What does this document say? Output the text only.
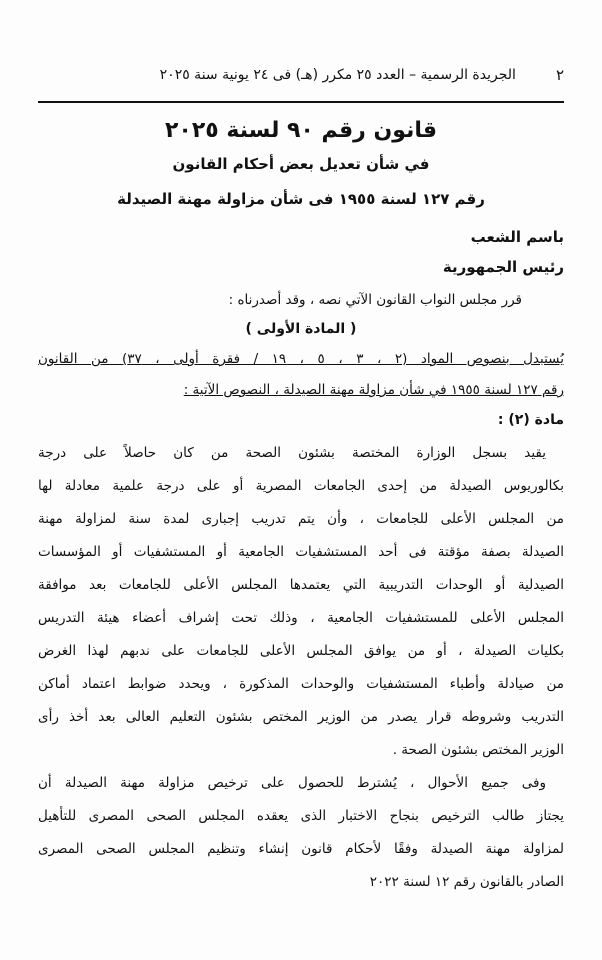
٢
الجريدة الرسمية – العدد ٢٥ مكرر (هـ) فى ٢٤ يونية سنة ٢٠٢٥
قانون رقم ٩٠ لسنة ٢٠٢٥
في شأن تعديل بعض أحكام القانون
رقم ١٢٧ لسنة ١٩٥٥ فى شأن مزاولة مهنة الصيدلة
باسم الشعب
رئيس الجمهورية
قرر مجلس النواب القانون الآتي نصه ، وقد أصدرناه :
( المادة الأولى )
يُستبدل بنصوص المواد (٢ ، ٣ ، ٥ ، ١٩ / فقرة أولى ، ٣٧) من القانون
رقم ١٢٧ لسنة ١٩٥٥ في شأن مزاولة مهنة الصيدلة ، النصوص الآتية :
مادة (٢) :
يقيد بسجل الوزارة المختصة بشئون الصحة من كان حاصلاً على درجة
بكالوريوس الصيدلة من إحدى الجامعات المصرية أو على درجة علمية معادلة لها
من المجلس الأعلى للجامعات ، وأن يتم تدريب إجبارى لمدة سنة لمزاولة مهنة
الصيدلة بصفة مؤقتة فى أحد المستشفيات الجامعية أو المستشفيات أو المؤسسات
الصيدلية أو الوحدات التدريبية التي يعتمدها المجلس الأعلى للجامعات بعد موافقة
المجلس الأعلى للمستشفيات الجامعية ، وذلك تحت إشراف أعضاء هيئة التدريس
بكليات الصيدلة ، أو من يوافق المجلس الأعلى للجامعات على ندبهم لهذا الغرض
من صيادلة وأطباء المستشفيات والوحدات المذكورة ، ويحدد ضوابط اعتماد أماكن
التدريب وشروطه قرار يصدر من الوزير المختص بشئون التعليم العالى بعد أخذ رأى
الوزير المختص بشئون الصحة .
وفى جميع الأحوال ، يُشترط للحصول على ترخيص مزاولة مهنة الصيدلة أن
يجتاز طالب الترخيص بنجاح الاختبار الذى يعقده المجلس الصحى المصرى للتأهيل
لمزاولة مهنة الصيدلة وفقًا لأحكام قانون إنشاء وتنظيم المجلس الصحى المصرى
الصادر بالقانون رقم ١٢ لسنة ٢٠٢٢
